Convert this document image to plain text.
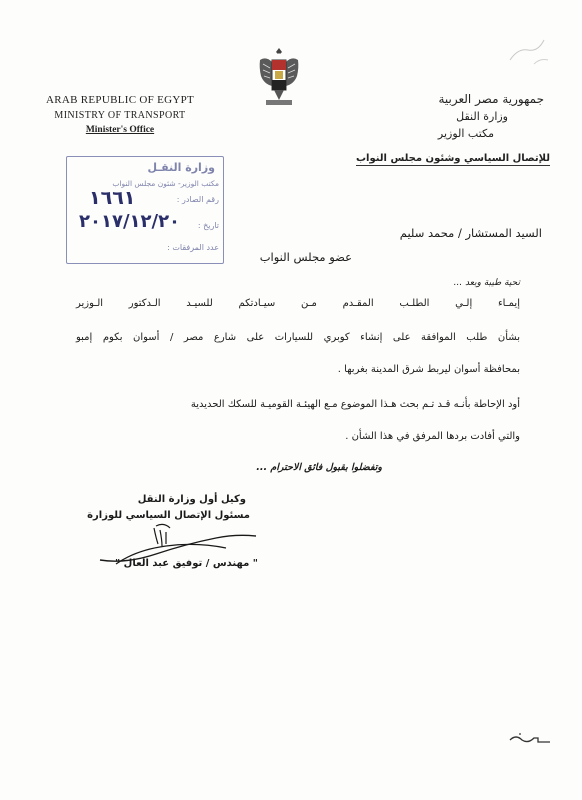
ARAB REPUBLIC OF EGYPT
MINISTRY OF TRANSPORT
Minister's Office
جمهورية مصر العربية
وزارة النقل
مكتب الوزير
للإتصال السياسي وشئون مجلس النواب
وزارة النقـل
مكتب الوزير- شئون مجلس النواب
رقم الصادر :
١٦٦١
تاريخ :
٢٠١٧/١٢/٢٠
عدد المرفقات :
السيد المستشار / محمد سليم
عضو مجلس النواب
تحية طيبة وبعد ...
إيمـاء إلـي الطلـب المقـدم مـن سيـادتكم للسيـد الـدكتور الـوزير
بشأن طلب الموافقة على إنشاء كوبري للسيارات على شارع مصر / أسوان بكوم إمبو
بمحافظة أسوان ليربط شرق المدينة بغربها .
أود الإحاطة بأنـه قـد تـم بحث هـذا الموضوع مـع الهيئـة القوميـة للسكك الحديدية
والتي أفادت بردها المرفق في هذا الشأن .
وتفضلوا بقبول فائق الاحترام ...
وكيل أول وزارة النقل
مسئول الإتصال السياسي للوزارة
" مهندس / توفيق عبد العال "
